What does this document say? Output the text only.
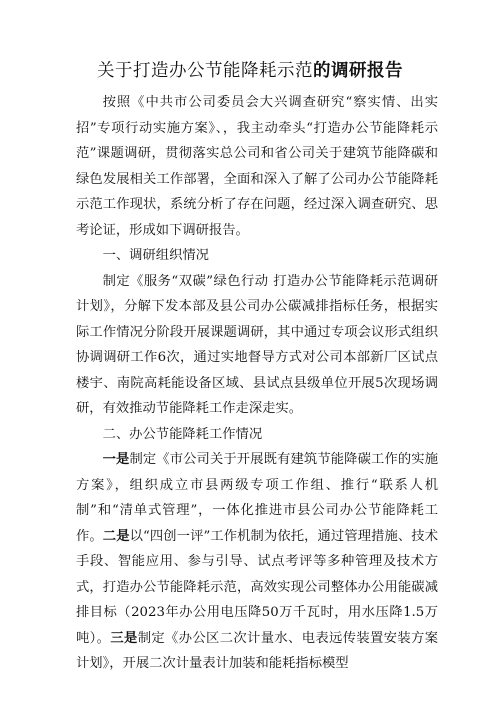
关于打造办公节能降耗示范的调研报告

按照《中共市公司委员会大兴调查研究“察实情、出实招”专项行动实施方案》、，我主动牵头“打造办公节能降耗示范”课题调研，贯彻落实总公司和省公司关于建筑节能降碳和绿色发展相关工作部署，全面和深入了解了公司办公节能降耗示范工作现状，系统分析了存在问题，经过深入调查研究、思考论证，形成如下调研报告。

一、调研组织情况

制定《服务“双碳”绿色行动 打造办公节能降耗示范调研计划》，分解下发本部及县公司办公碳减排指标任务，根据实际工作情况分阶段开展课题调研，其中通过专项会议形式组织协调调研工作6次，通过实地督导方式对公司本部新厂区试点楼宇、南院高耗能设备区域、县试点县级单位开展5次现场调研，有效推动节能降耗工作走深走实。

二、办公节能降耗工作情况

一是制定《市公司关于开展既有建筑节能降碳工作的实施方案》，组织成立市县两级专项工作组、推行“联系人机制”和“清单式管理”，一体化推进市县公司办公节能降耗工作。二是以“四创一评”工作机制为依托，通过管理措施、技术手段、智能应用、参与引导、试点考评等多种管理及技术方式，打造办公节能降耗示范，高效实现公司整体办公用能碳减排目标（2023年办公用电压降50万千瓦时，用水压降1.5万吨）。三是制定《办公区二次计量水、电表远传装置安装方案计划》，开展二次计量表计加装和能耗指标模型
